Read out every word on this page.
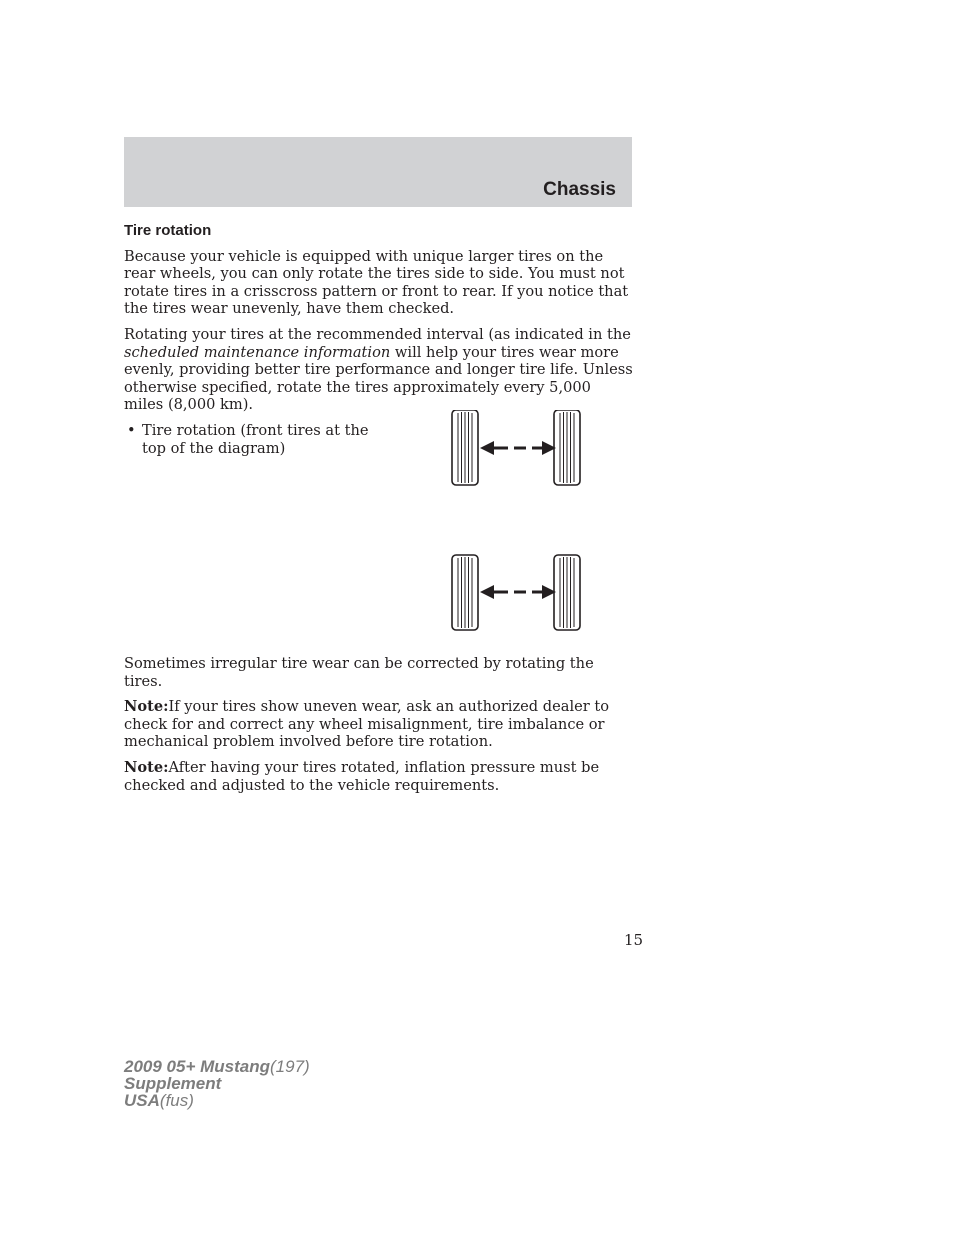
Chassis

Tire rotation

Because your vehicle is equipped with unique larger tires on the rear wheels, you can only rotate the tires side to side. You must not rotate tires in a crisscross pattern or front to rear. If you notice that the tires wear unevenly, have them checked.

Rotating your tires at the recommended interval (as indicated in the scheduled maintenance information will help your tires wear more evenly, providing better tire performance and longer tire life. Unless otherwise specified, rotate the tires approximately every 5,000 miles (8,000 km).

• Tire rotation (front tires at the top of the diagram)

Sometimes irregular tire wear can be corrected by rotating the tires.

Note:If your tires show uneven wear, ask an authorized dealer to check for and correct any wheel misalignment, tire imbalance or mechanical problem involved before tire rotation.

Note:After having your tires rotated, inflation pressure must be checked and adjusted to the vehicle requirements.

15
2009 05+ Mustang(197)
Supplement
USA(fus)
